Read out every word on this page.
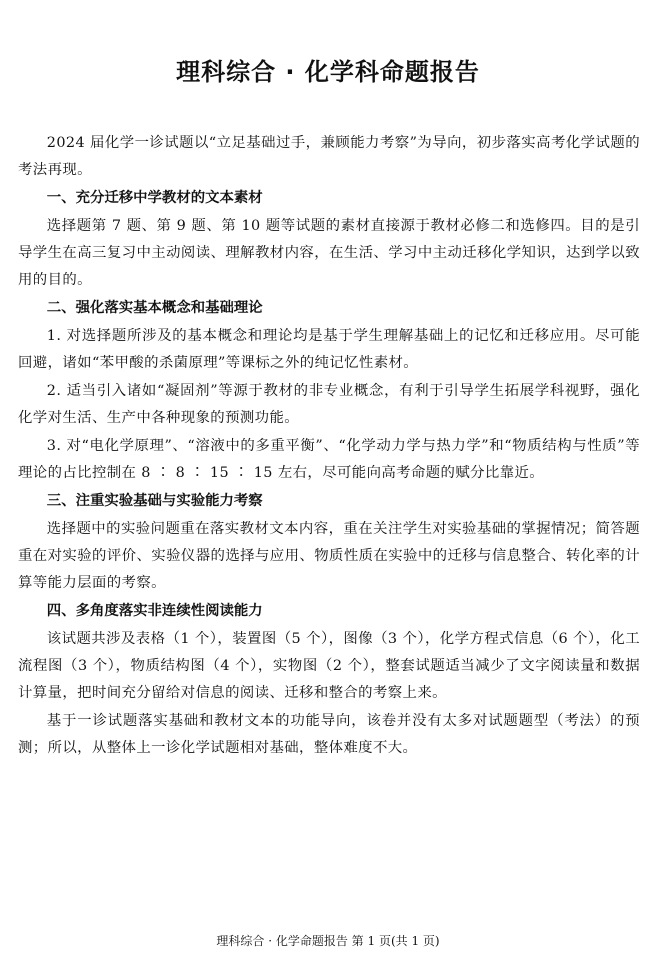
理科综合 · 化学科命题报告

2024 届化学一诊试题以“立足基础过手，兼顾能力考察”为导向，初步落实高考化学试题的考法再现。

一、充分迁移中学教材的文本素材

选择题第 7 题、第 9 题、第 10 题等试题的素材直接源于教材必修二和选修四。目的是引导学生在高三复习中主动阅读、理解教材内容，在生活、学习中主动迁移化学知识，达到学以致用的目的。

二、强化落实基本概念和基础理论

1. 对选择题所涉及的基本概念和理论均是基于学生理解基础上的记忆和迁移应用。尽可能回避，诸如“苯甲酸的杀菌原理”等课标之外的纯记忆性素材。

2. 适当引入诸如“凝固剂”等源于教材的非专业概念，有利于引导学生拓展学科视野，强化化学对生活、生产中各种现象的预测功能。

3. 对“电化学原理”、“溶液中的多重平衡”、“化学动力学与热力学”和“物质结构与性质”等理论的占比控制在 8 ∶ 8 ∶ 15 ∶ 15 左右，尽可能向高考命题的赋分比靠近。

三、注重实验基础与实验能力考察

选择题中的实验问题重在落实教材文本内容，重在关注学生对实验基础的掌握情况；简答题重在对实验的评价、实验仪器的选择与应用、物质性质在实验中的迁移与信息整合、转化率的计算等能力层面的考察。

四、多角度落实非连续性阅读能力

该试题共涉及表格（1 个），装置图（5 个），图像（3 个），化学方程式信息（6 个），化工流程图（3 个），物质结构图（4 个），实物图（2 个），整套试题适当减少了文字阅读量和数据计算量，把时间充分留给对信息的阅读、迁移和整合的考察上来。

基于一诊试题落实基础和教材文本的功能导向，该卷并没有太多对试题题型（考法）的预测；所以，从整体上一诊化学试题相对基础，整体难度不大。

理科综合 · 化学命题报告 第 1 页(共 1 页)
